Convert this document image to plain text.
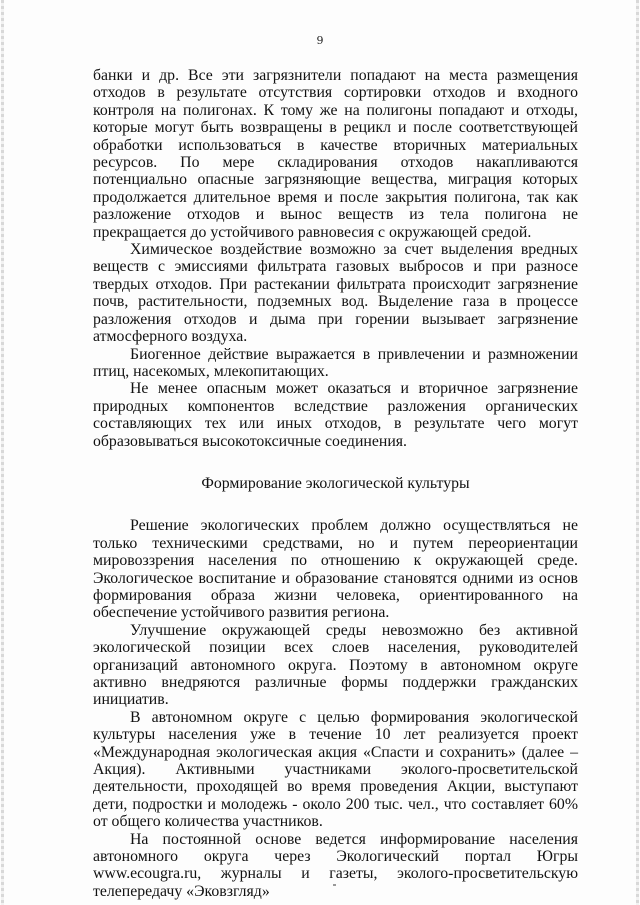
9

банки и др. Все эти загрязнители попадают на места размещения отходов в результате отсутствия сортировки отходов и входного контроля на полигонах. К тому же на полигоны попадают и отходы, которые могут быть возвращены в рецикл и после соответствующей обработки использоваться в качестве вторичных материальных ресурсов. По мере складирования отходов накапливаются потенциально опасные загрязняющие вещества, миграция которых продолжается длительное время и после закрытия полигона, так как разложение отходов и вынос веществ из тела полигона не прекращается до устойчивого равновесия с окружающей средой.

Химическое воздействие возможно за счет выделения вредных веществ с эмиссиями фильтрата газовых выбросов и при разносе твердых отходов. При растекании фильтрата происходит загрязнение почв, растительности, подземных вод. Выделение газа в процессе разложения отходов и дыма при горении вызывает загрязнение атмосферного воздуха.

Биогенное действие выражается в привлечении и размножении птиц, насекомых, млекопитающих.

Не менее опасным может оказаться и вторичное загрязнение природных компонентов вследствие разложения органических составляющих тех или иных отходов, в результате чего могут образовываться высокотоксичные соединения.

Формирование экологической культуры

Решение экологических проблем должно осуществляться не только техническими средствами, но и путем переориентации мировоззрения населения по отношению к окружающей среде. Экологическое воспитание и образование становятся одними из основ формирования образа жизни человека, ориентированного на обеспечение устойчивого развития региона.

Улучшение окружающей среды невозможно без активной экологической позиции всех слоев населения, руководителей организаций автономного округа. Поэтому в автономном округе активно внедряются различные формы поддержки гражданских инициатив.

В автономном округе с целью формирования экологической культуры населения уже в течение 10 лет реализуется проект «Международная экологическая акция «Спасти и сохранить» (далее – Акция). Активными участниками эколого-просветительской деятельности, проходящей во время проведения Акции, выступают дети, подростки и молодежь - около 200 тыс. чел., что составляет 60% от общего количества участников.

На постоянной основе ведется информирование населения автономного округа через Экологический портал Югры www.ecougra.ru, журналы и газеты, эколого-просветительскую телепередачу «Эковзгляд»
